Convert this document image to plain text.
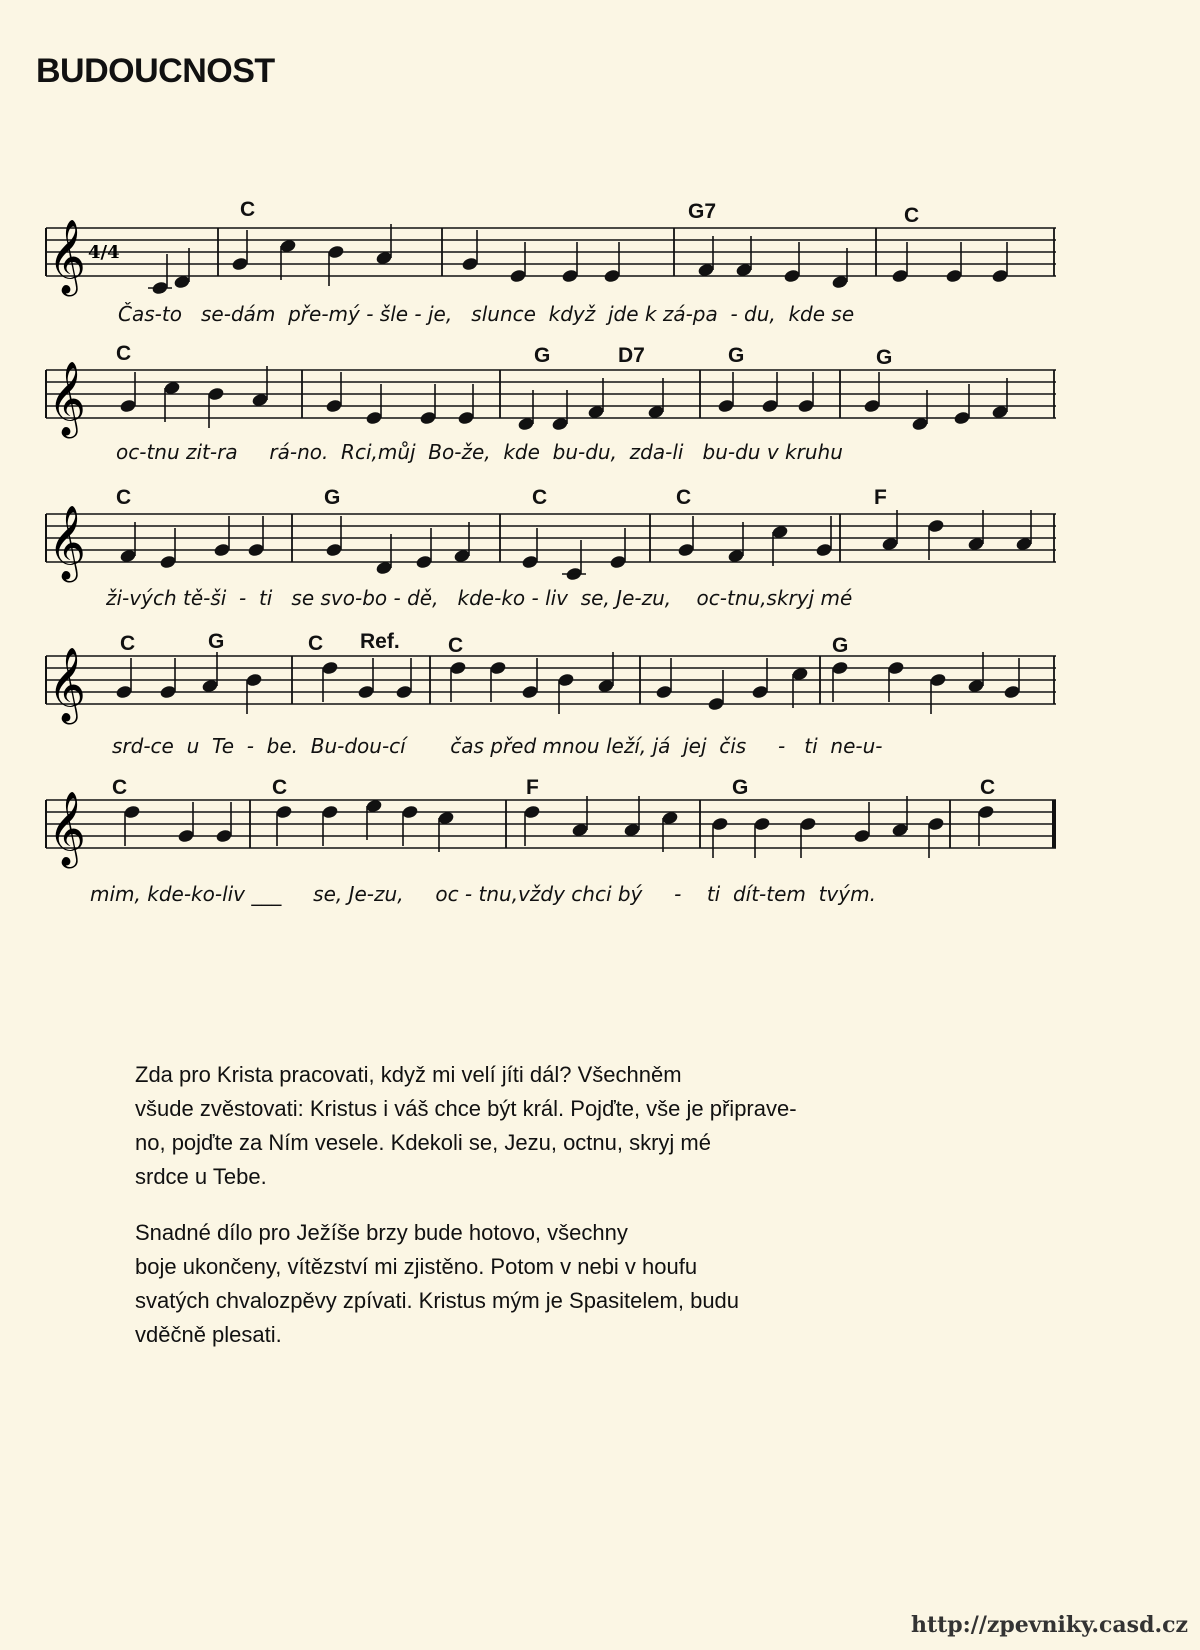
BUDOUCNOST
C	G7	C
𝄞 4/4
Čas-to   se-dám  pře-mý - šle - je,   slunce  když  jde k zá-pa  - du,  kde se
C	G	D7	G	G
𝄞
oc-tnu zit-ra     rá-no.  Rci,můj  Bo-že,  kde  bu-du,  zda-li   bu-du v kruhu
C	G	C	C	F
𝄞
ži-vých tě-ši  -  ti   se svo-bo - dě,   kde-ko - liv  se, Je-zu,    oc-tnu,skryj mé
C	G	C Ref. C	G
𝄞
srd-ce  u  Te  -  be.  Bu-dou-cí       čas před mnou leží, já  jej  čis     -   ti  ne-u-
C	C	F	G	C
𝄞
mim, kde-ko-liv ___     se, Je-zu,     oc - tnu,vždy chci bý     -    ti  dít-tem  tvým.

Zda pro Krista pracovati, když mi velí jíti dál? Všechněm
všude zvěstovati: Kristus i váš chce být král. Pojďte, vše je připrave-
no, pojďte za Ním vesele. Kdekoli se, Jezu, octnu, skryj mé
srdce u Tebe.

Snadné dílo pro Ježíše brzy bude hotovo, všechny
boje ukončeny, vítězství mi zjistěno. Potom v nebi v houfu
svatých chvalozpěvy zpívati. Kristus mým je Spasitelem, budu
vděčně plesati.

http://zpevniky.casd.cz
